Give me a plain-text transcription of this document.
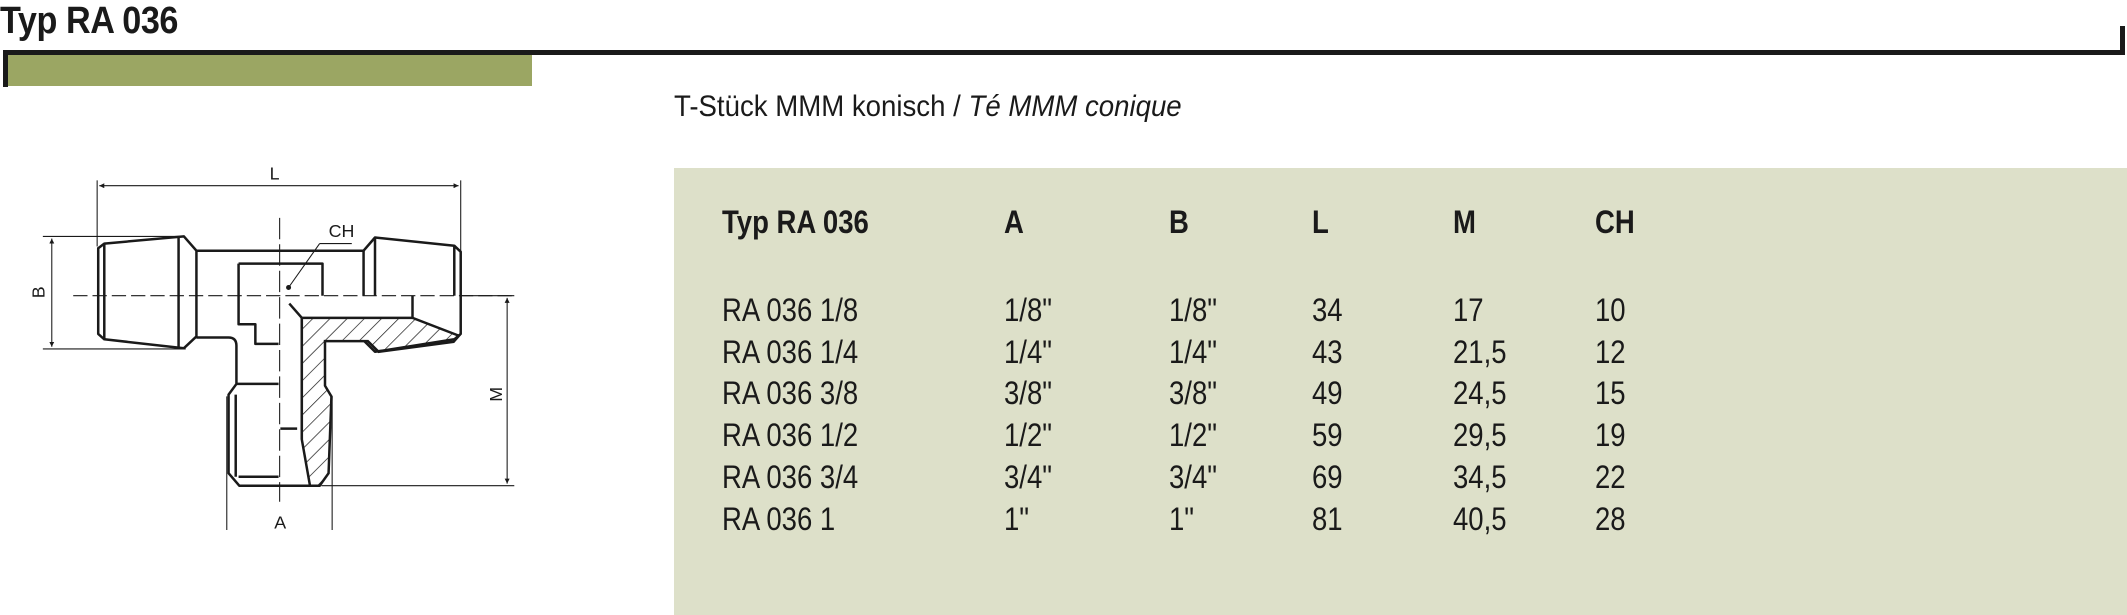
Typ RA 036
T-Stück MMM konisch / Té MMM conique
L
CH
A
B
M
Typ RA 036	A	B	L	M	CH
RA 036 1/8	1/8"	1/8"	34	17	10
RA 036 1/4	1/4"	1/4"	43	21,5	12
RA 036 3/8	3/8"	3/8"	49	24,5	15
RA 036 1/2	1/2"	1/2"	59	29,5	19
RA 036 3/4	3/4"	3/4"	69	34,5	22
RA 036 1	1"	1"	81	40,5	28
